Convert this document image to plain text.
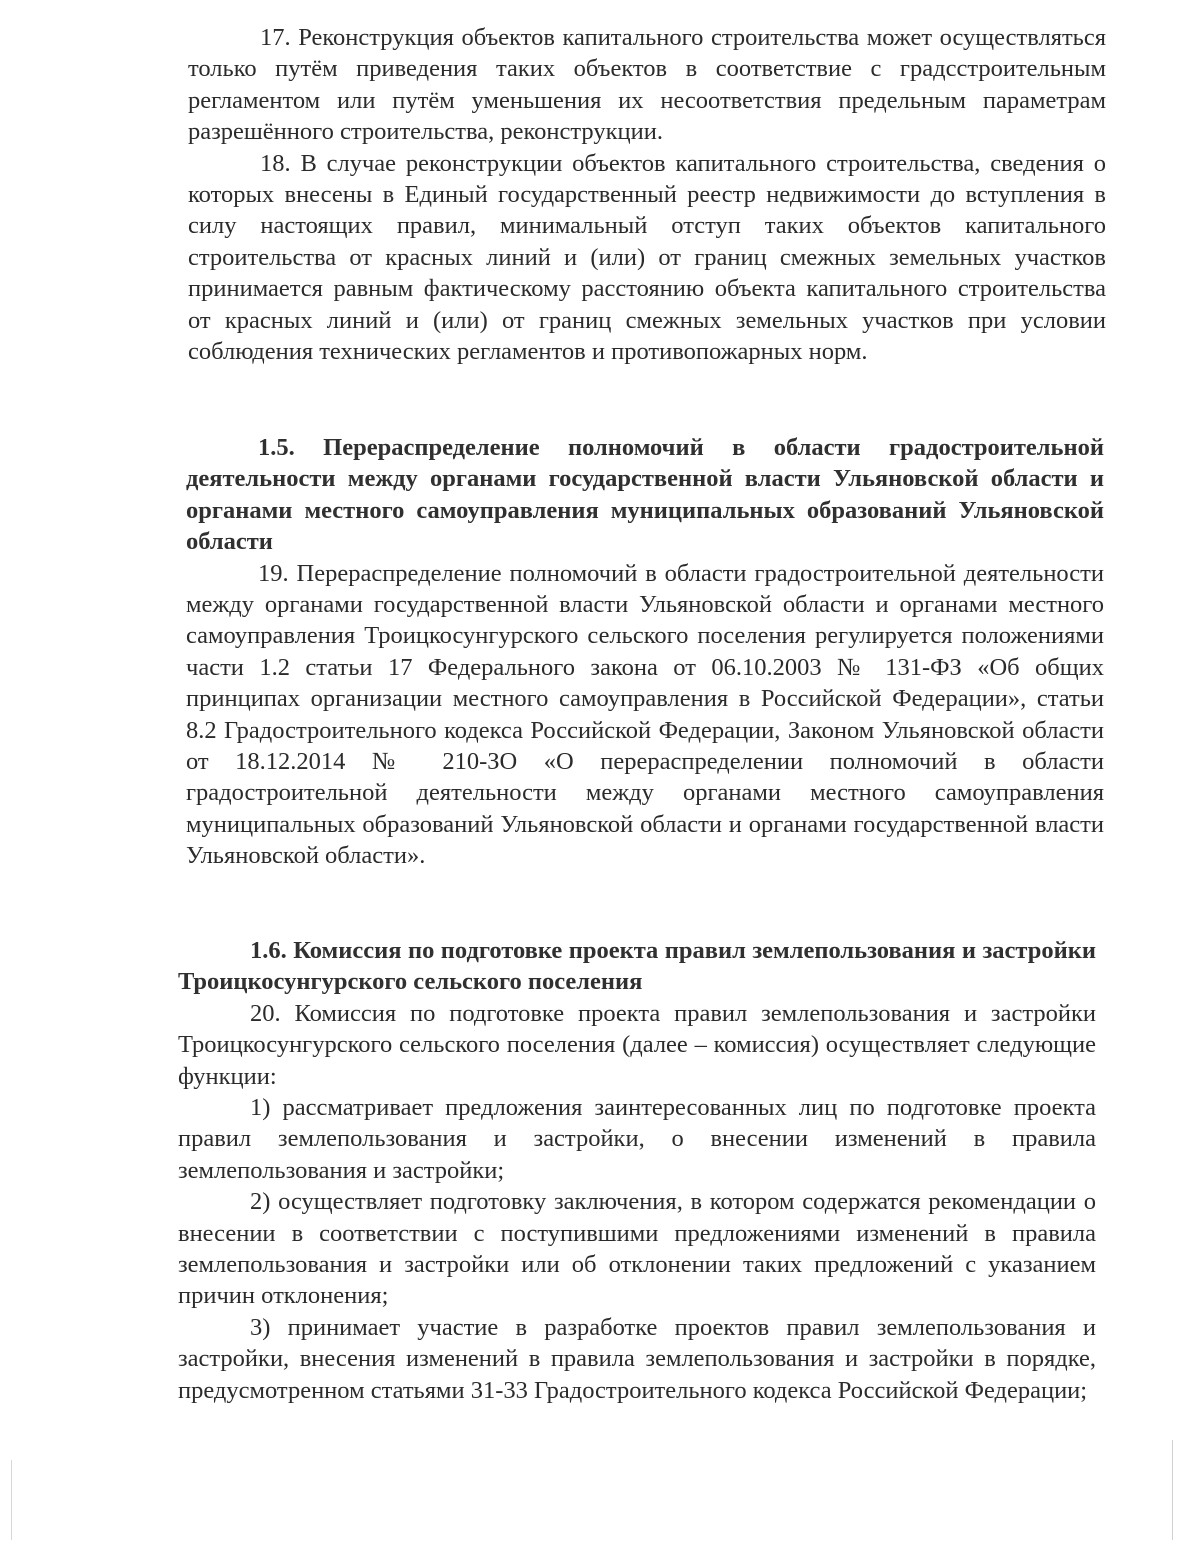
17. Реконструкция объектов капитального строительства может осуществляться только путём приведения таких объектов в соответствие с градсстроительным регламентом или путём уменьшения их несоответствия предельным параметрам разрешённого строительства, реконструкции.

18. В случае реконструкции объектов капитального строительства, сведения о которых внесены в Единый государственный реестр недвижимости до вступления в силу настоящих правил, минимальный отступ таких объектов капитального строительства от красных линий и (или) от границ смежных земельных участков принимается равным фактическому расстоянию объекта капитального строительства от красных линий и (или) от границ смежных земельных участков при условии соблюдения технических регламентов и противопожарных норм.

1.5. Перераспределение полномочий в области градостроительной деятельности между органами государственной власти Ульяновской области и органами местного самоуправления муниципальных образований Ульяновской области

19. Перераспределение полномочий в области градостроительной деятельности между органами государственной власти Ульяновской области и органами местного самоуправления Троицкосунгурского сельского поселения регулируется положениями части 1.2 статьи 17 Федерального закона от 06.10.2003 № 131-ФЗ «Об общих принципах организации местного самоуправления в Российской Федерации», статьи 8.2 Градостроительного кодекса Российской Федерации, Законом Ульяновской области от 18.12.2014 № 210-ЗО «О перераспределении полномочий в области градостроительной деятельности между органами местного самоуправления муниципальных образований Ульяновской области и органами государственной власти Ульяновской области».

1.6. Комиссия по подготовке проекта правил землепользования и застройки Троицкосунгурского сельского поселения

20. Комиссия по подготовке проекта правил землепользования и застройки Троицкосунгурского сельского поселения (далее – комиссия) осуществляет следующие функции:

1) рассматривает предложения заинтересованных лиц по подготовке проекта правил землепользования и застройки, о внесении изменений в правила землепользования и застройки;

2) осуществляет подготовку заключения, в котором содержатся рекомендации о внесении в соответствии с поступившими предложениями изменений в правила землепользования и застройки или об отклонении таких предложений с указанием причин отклонения;

3) принимает участие в разработке проектов правил землепользования и застройки, внесения изменений в правила землепользования и застройки в порядке, предусмотренном статьями 31-33 Градостроительного кодекса Российской Федерации;
